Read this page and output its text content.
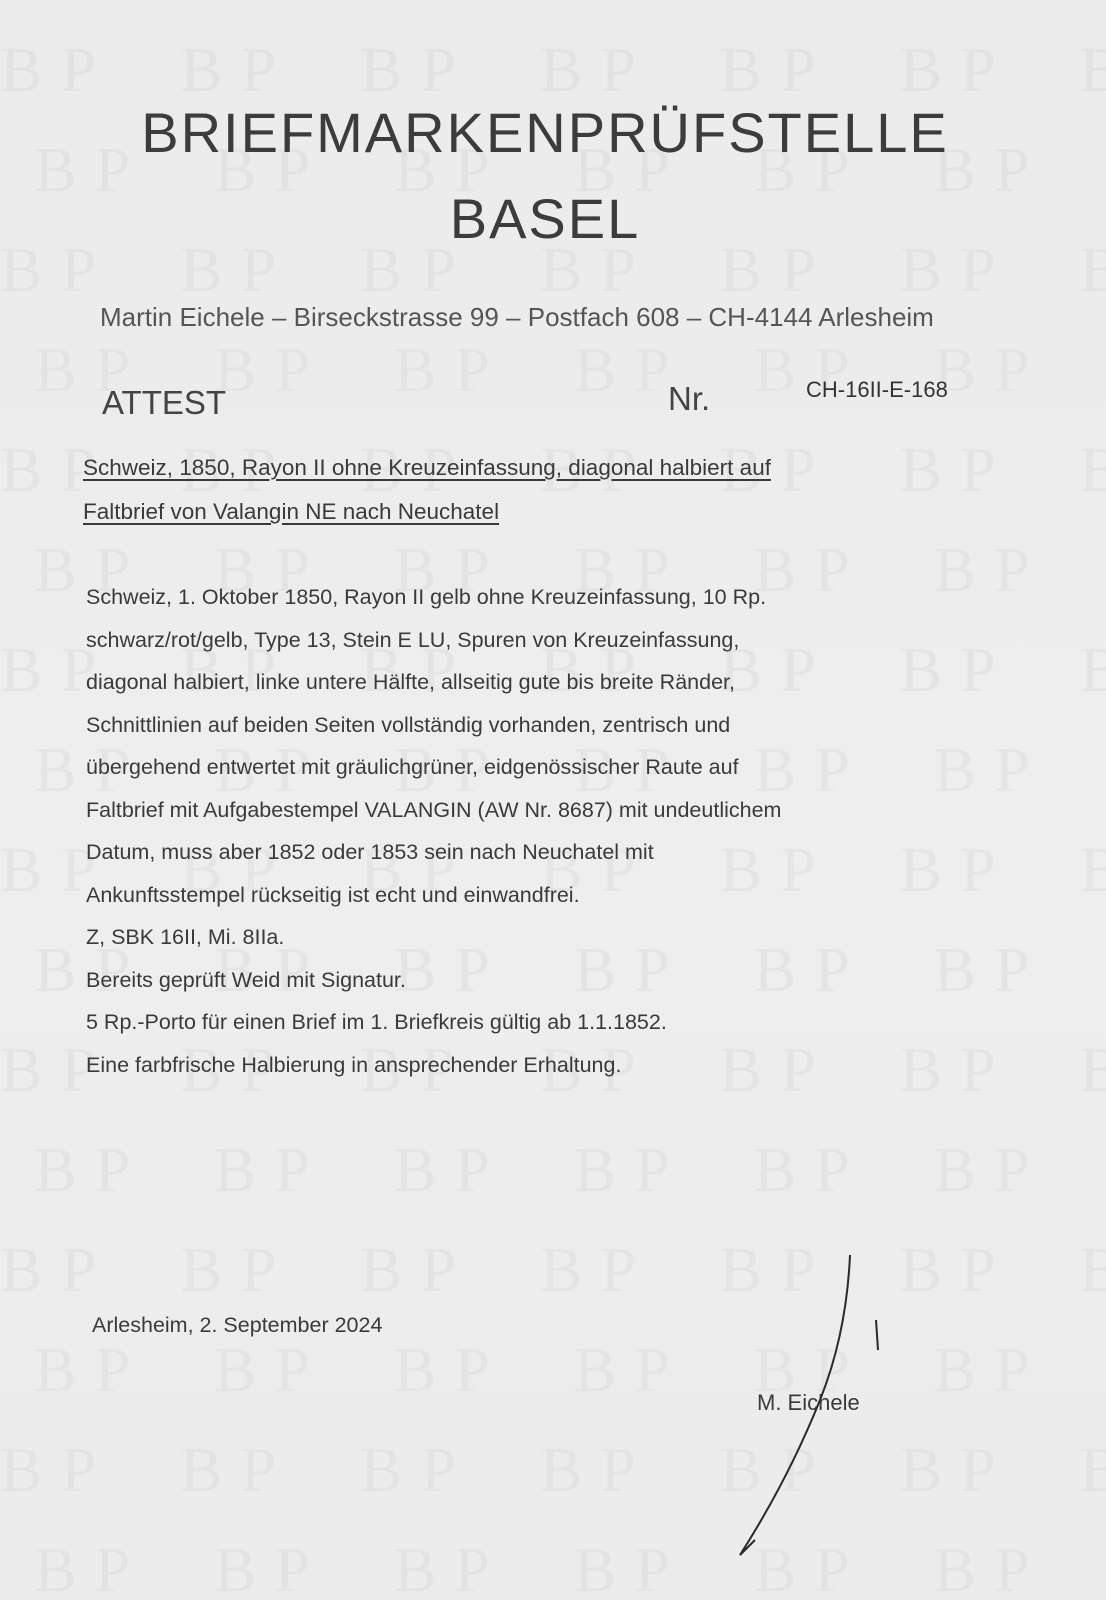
BRIEFMARKENPRÜFSTELLE
BASEL
Martin Eichele – Birseckstrasse 99 – Postfach 608 – CH-4144 Arlesheim
ATTEST	Nr.	CH-16II-E-168
Schweiz, 1850, Rayon II ohne Kreuzeinfassung, diagonal halbiert auf
Faltbrief von Valangin NE nach Neuchatel
Schweiz, 1. Oktober 1850, Rayon II gelb ohne Kreuzeinfassung, 10 Rp.
schwarz/rot/gelb, Type 13, Stein E LU, Spuren von Kreuzeinfassung,
diagonal halbiert, linke untere Hälfte, allseitig gute bis breite Ränder,
Schnittlinien auf beiden Seiten vollständig vorhanden, zentrisch und
übergehend entwertet mit gräulichgrüner, eidgenössischer Raute auf
Faltbrief mit Aufgabestempel VALANGIN (AW Nr. 8687) mit undeutlichem
Datum, muss aber 1852 oder 1853 sein nach Neuchatel mit
Ankunftsstempel rückseitig ist echt und einwandfrei.
Z, SBK 16II, Mi. 8IIa.
Bereits geprüft Weid mit Signatur.
5 Rp.-Porto für einen Brief im 1. Briefkreis gültig ab 1.1.1852.
Eine farbfrische Halbierung in ansprechender Erhaltung.
Arlesheim, 2. September 2024
M. Eichele
